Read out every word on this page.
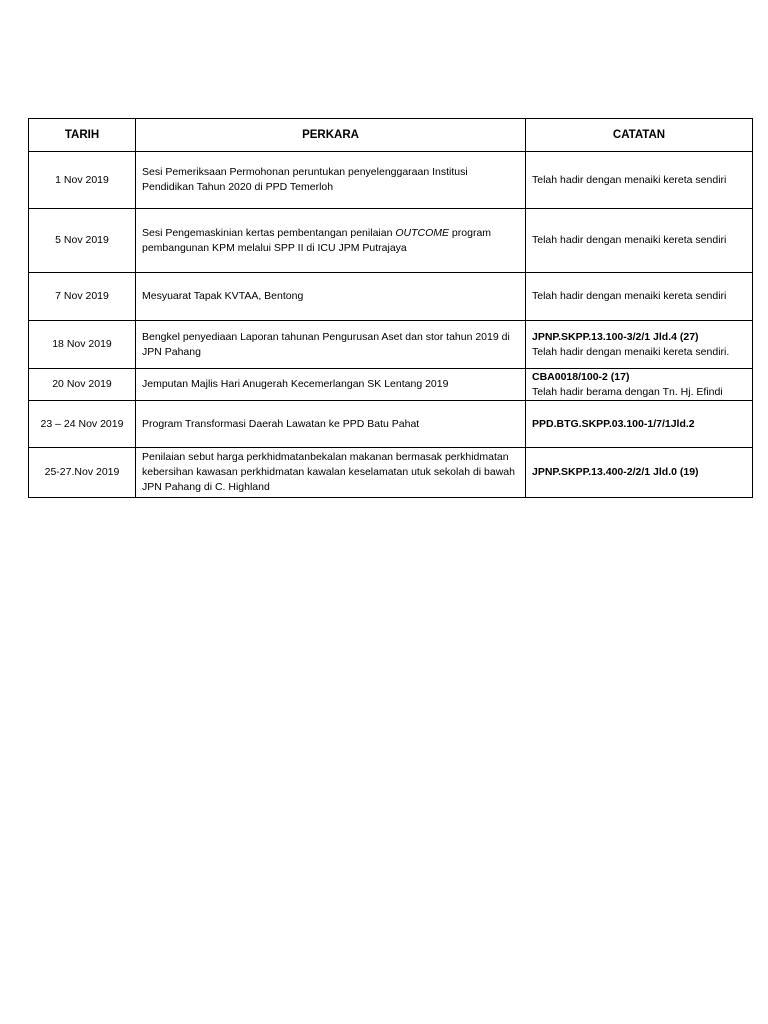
TARIH	PERKARA	CATATAN
1 Nov 2019	Sesi Pemeriksaan Permohonan peruntukan penyelenggaraan Institusi Pendidikan Tahun 2020 di PPD Temerloh	Telah hadir dengan menaiki kereta sendiri

5 Nov 2019	Sesi Pengemaskinian kertas pembentangan penilaian OUTCOME program pembangunan KPM melalui SPP II di ICU JPM Putrajaya	Telah hadir dengan menaiki kereta sendiri

7 Nov 2019	Mesyuarat Tapak KVTAA, Bentong	Telah hadir dengan menaiki kereta sendiri

18 Nov 2019	Bengkel penyediaan Laporan tahunan Pengurusan Aset dan stor tahun 2019 di JPN Pahang	JPNP.SKPP.13.100-3/2/1 Jld.4 (27)
Telah hadir dengan menaiki kereta sendiri.

20 Nov 2019	Jemputan Majlis Hari Anugerah Kecemerlangan SK Lentang 2019	CBA0018/100-2 (17)
Telah hadir berama dengan Tn. Hj. Efindi

23 – 24 Nov 2019	Program Transformasi Daerah Lawatan ke PPD Batu Pahat	PPD.BTG.SKPP.03.100-1/7/1Jld.2

25-27.Nov 2019	Penilaian sebut harga perkhidmatanbekalan makanan bermasak perkhidmatan kebersihan kawasan perkhidmatan kawalan keselamatan utuk sekolah di bawah JPN Pahang di C. Highland	JPNP.SKPP.13.400-2/2/1 Jld.0 (19)
